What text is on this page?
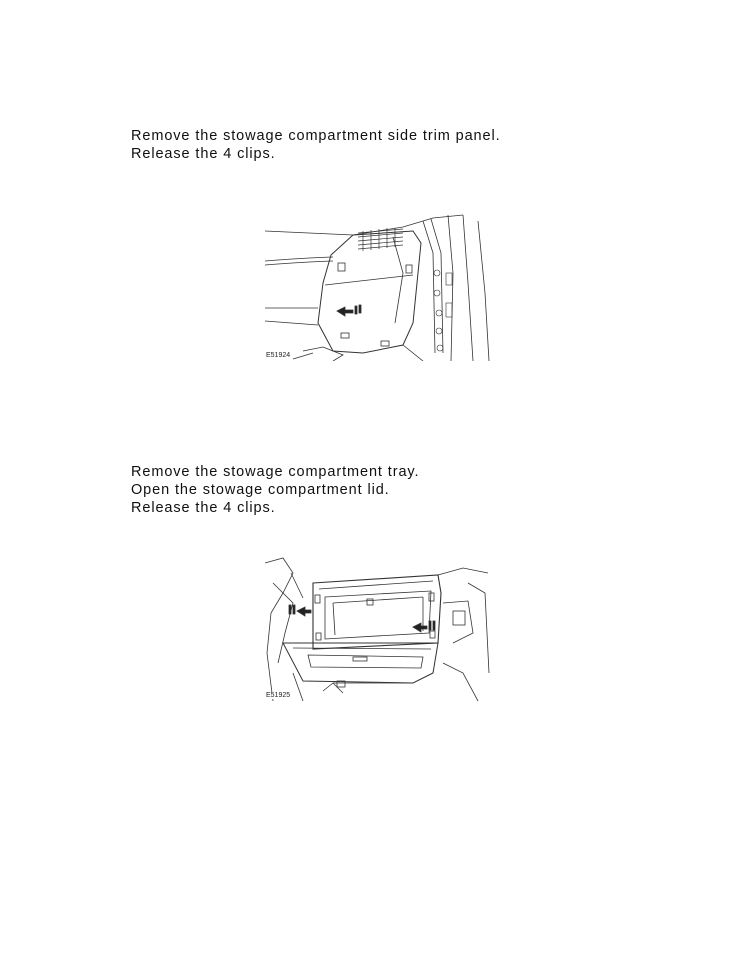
Remove the stowage compartment side trim panel.

Release the 4 clips.

E51924

Remove the stowage compartment tray.

Open the stowage compartment lid.

Release the 4 clips.

E51925
